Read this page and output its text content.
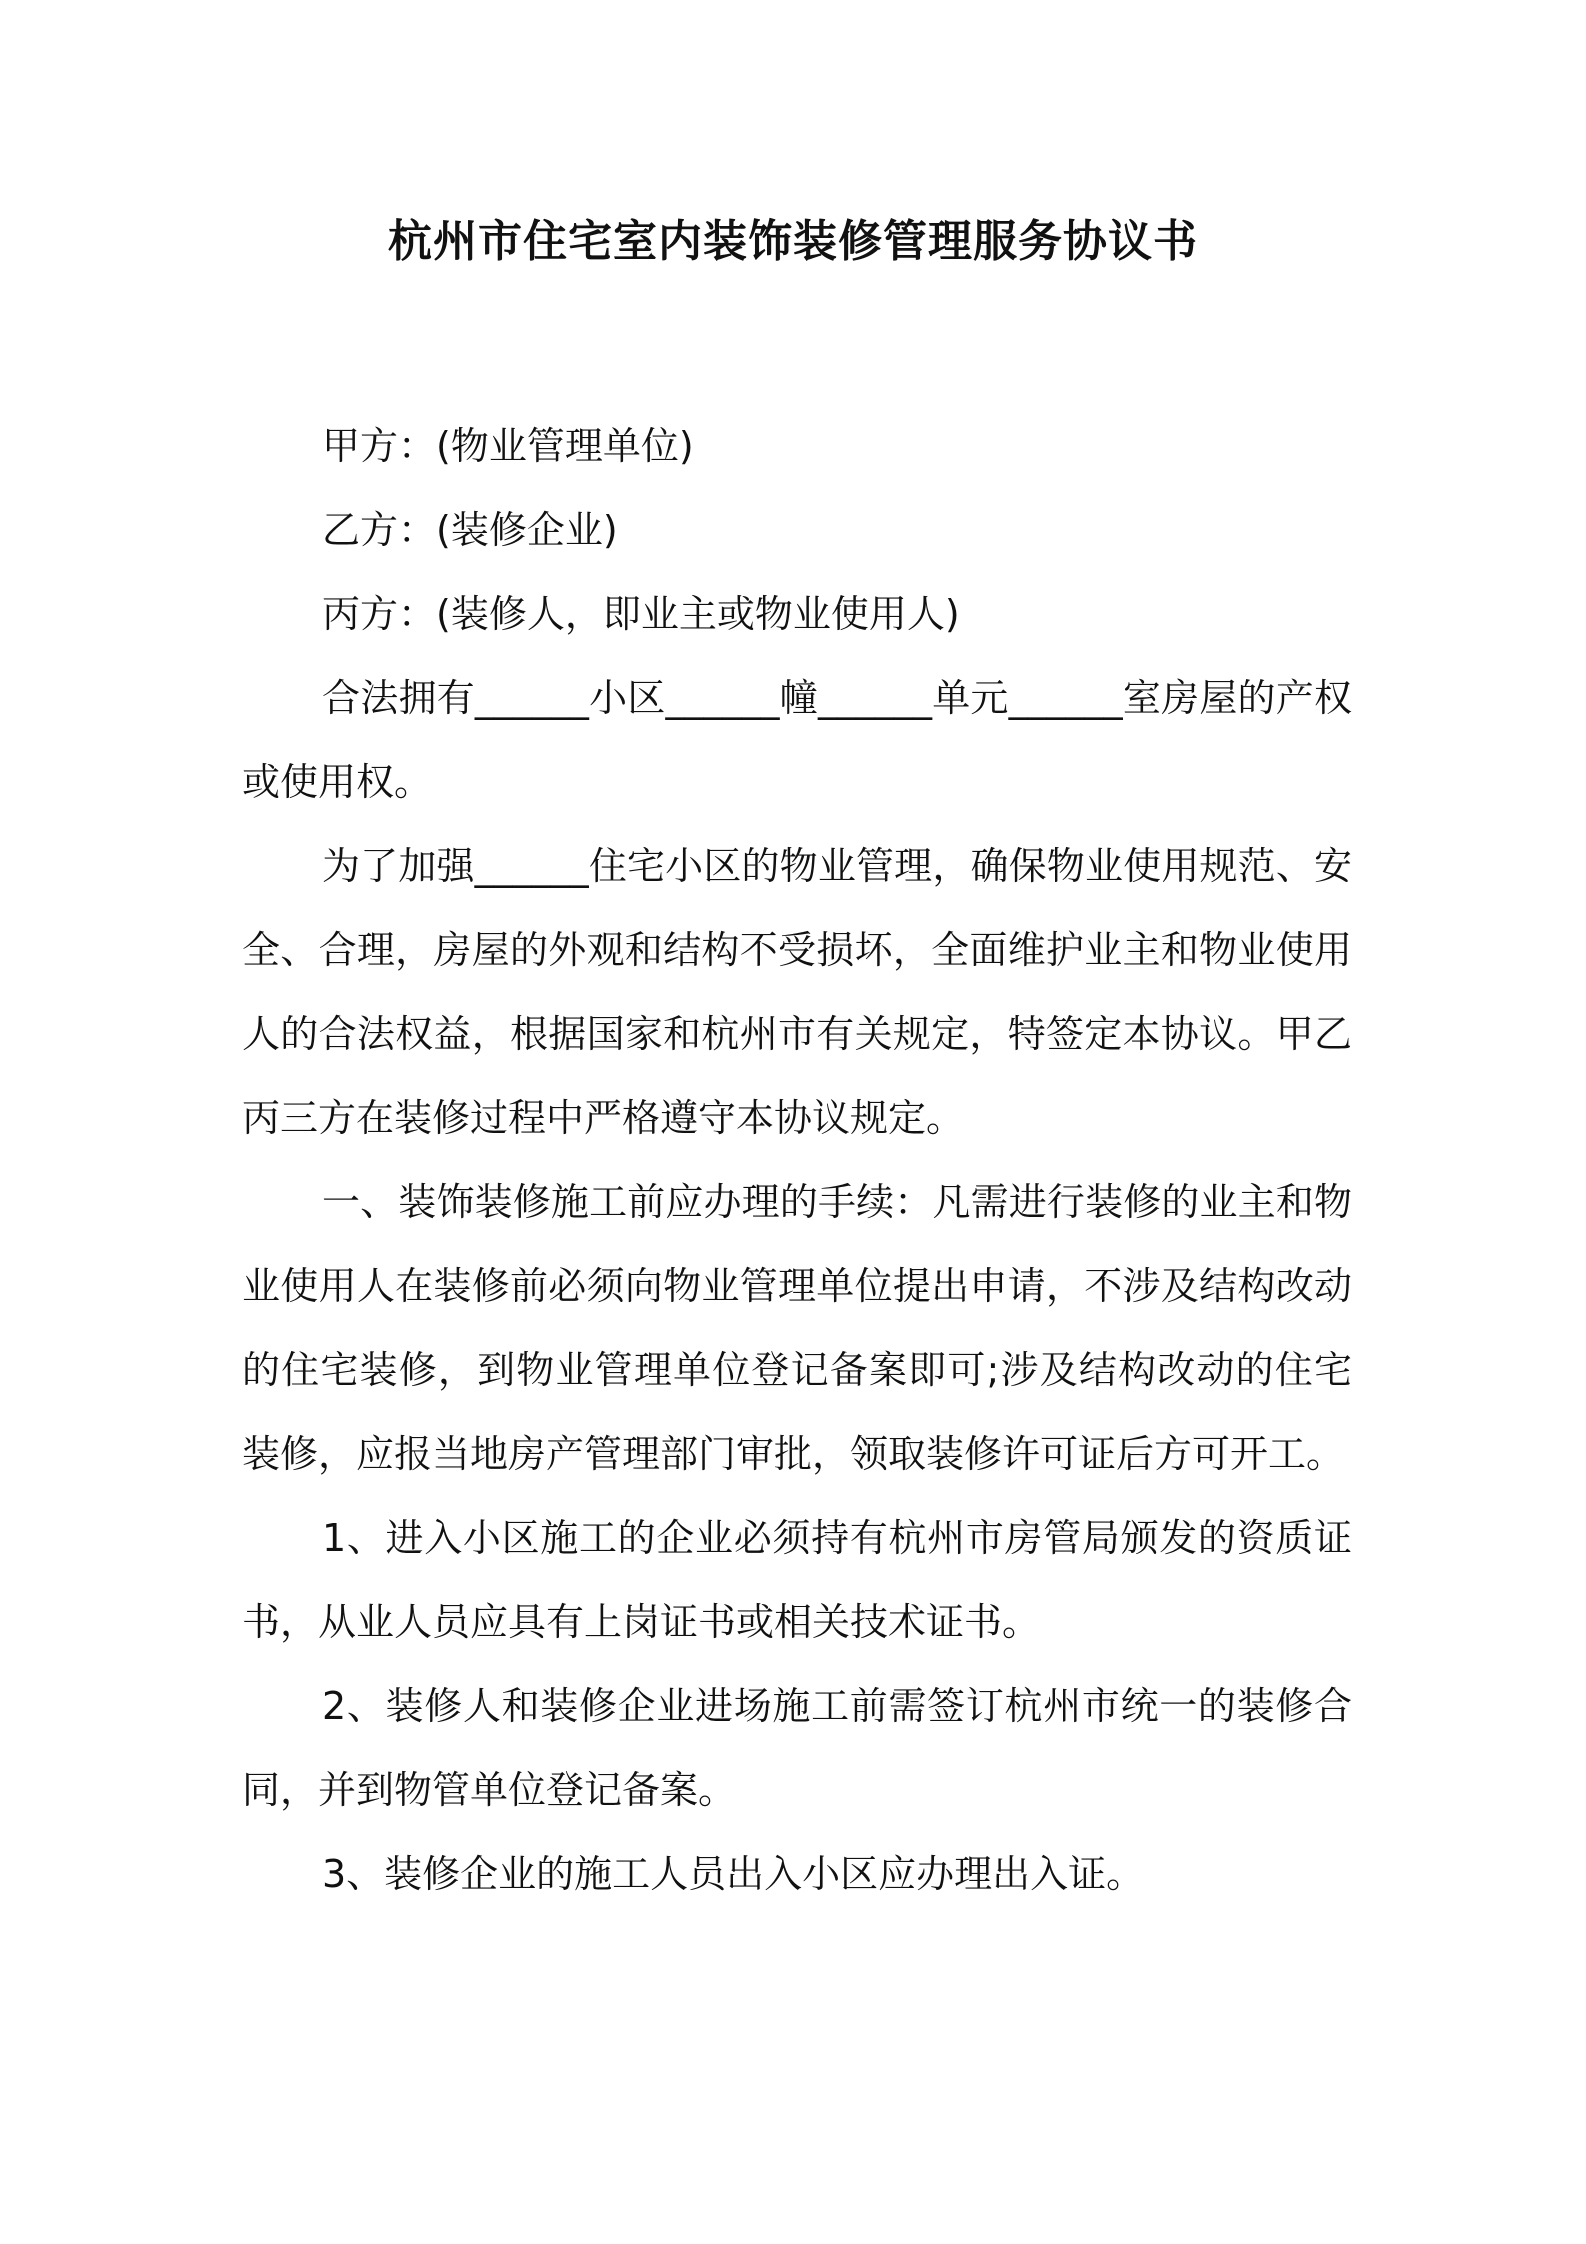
杭州市住宅室内装饰装修管理服务协议书

甲方：(物业管理单位)

乙方：(装修企业)

丙方：(装修人，即业主或物业使用人)

合法拥有______小区______幢______单元______室房屋的产权或使用权。

为了加强______住宅小区的物业管理，确保物业使用规范、安全、合理，房屋的外观和结构不受损坏，全面维护业主和物业使用人的合法权益，根据国家和杭州市有关规定，特签定本协议。甲乙丙三方在装修过程中严格遵守本协议规定。

一、装饰装修施工前应办理的手续：凡需进行装修的业主和物业使用人在装修前必须向物业管理单位提出申请，不涉及结构改动的住宅装修，到物业管理单位登记备案即可;涉及结构改动的住宅装修，应报当地房产管理部门审批，领取装修许可证后方可开工。

1、进入小区施工的企业必须持有杭州市房管局颁发的资质证书，从业人员应具有上岗证书或相关技术证书。

2、装修人和装修企业进场施工前需签订杭州市统一的装修合同，并到物管单位登记备案。

3、装修企业的施工人员出入小区应办理出入证。
